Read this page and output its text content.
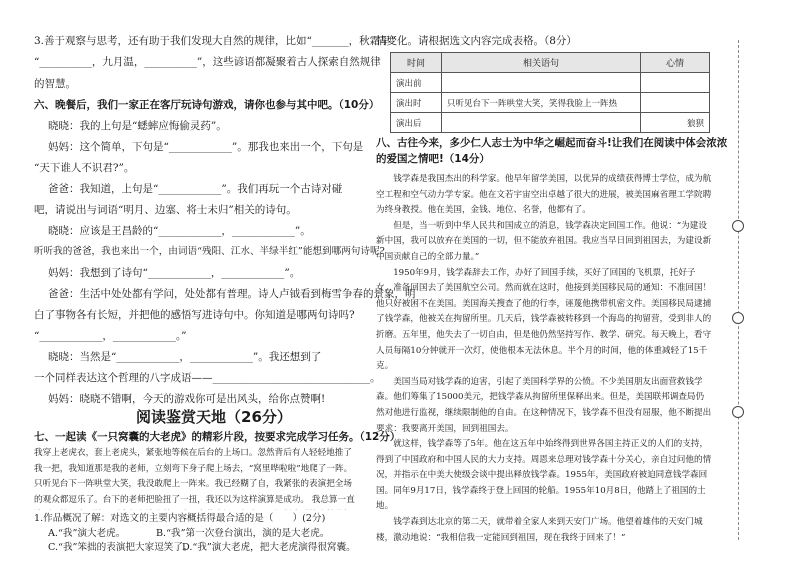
3.善于观察与思考，还有助于我们发现大自然的规律，比如“_______，秋霜早”
“__________，九月温，__________”，这些谚语都凝聚着古人探索自然规律
的智慧。
六、晚餐后，我们一家正在客厅玩诗句游戏，请你也参与其中吧。（10分）
晓晓：我的上句是“蟋蟀应悔偷灵药”。
妈妈：这个简单，下句是“____________”。那我也来出一个，下句是
“天下谁人不识君?”。
爸爸：我知道，上句是“____________”。我们再玩一个古诗对碰
吧，请说出与词语“明月、边塞、将士未归”相关的诗句。
晓晓：应该是王昌龄的“____________，____________”。
听听我的爸爸，我也来出一个，由词语“残阳、江水、半绿半红”能想到哪两句诗呢?
妈妈：我想到了诗句“____________，____________”。
爸爸：生活中处处都有学问，处处都有普理。诗人卢钺看到梅雪争春的景象，明
白了事物各有长短，并把他的感悟写进诗句中。你知道是哪两句诗吗?
“____________，____________。”
晓晓：当然是“____________，____________”。我还想到了
一个同样表达这个哲理的八字成语——______________________________。
妈妈：晓晓不错啊，今天的游戏你可是出风头，给你点赞啊!
阅读鉴赏天地（26分）
七、一起读《一只窝囊的大老虎》的精彩片段，按要求完成学习任务。（12分）
我穿上老虎衣，套上老虎头，紧张地等候在后台的上场口。忽然背后有人轻轻地推了我一把，我知道那是我的老师，立刻弯下身子爬上场去，“窝里哗啦啦”地爬了一阵。只听见台下一阵哄堂大笑，我没敢爬上一阵来。我已经糊了自，我紧张的表演把全场的观众都逗乐了。台下的老师把脸扭了一扭，我还以为这样演算是成功。 我总算一直
1.作品概况了解：对选文的主要内容概括得最合适的是（　　）(2分)
A.“我”演大老虎。	B.“我”第一次登台演出，演的是大老虎。
C.“我”笨拙的表演把大家逗笑了。
D.“我”演大老虎，把大老虎演得很窝囊。
情变化。请根据选文内容完成表格。（8分）
时间	相关语句	心情
演出前		
演出时	只听见台下一阵哄堂大笑，笑得我脸上一阵热	
演出后		狼狈
八、古往今来，多少仁人志士为中华之崛起而奋斗!让我们在阅读中体会浓浓
的爱国之情吧!（14分）
钱学森是我国杰出的科学家。他早年留学美国，以优异的成绩获得博士学位，成为航空工程和空气动力学专家。他在文若宇宙空出卓越了很大的进展，被美国麻省理工学院聘为终身教授。他在美国，金钱、地位、名誉，他都有了。
但是，当一听到中华人民共和国成立的消息，钱学森决定回国工作。他说：“为建设新中国，我可以放弃在美国的一切，但不能放弃祖国。我应当早日回到祖国去，为建设新中国贡献自己的全部力量。”
1950年9月，钱学森辞去工作，办好了回国手续，买好了回国的飞机票，托好子女，准备回国去了美国航空公司。然而就在这时，他接到美国移民局的通知：不准回国！他只好被困不在美国。美国海关搜查了他的行李，诬蔑他携带机密文件。美国移民局逮捕了钱学森，他被关在拘留所里。几天后，钱学森被转移到一个海岛的拘留营，受到非人的折磨。五年里，他失去了一切自由，但是他仍然坚持写作、教学、研究。每天晚上，看守人员每隔10分钟就开一次灯，使他根本无法休息。半个月的时间，他的体重减轻了15千克。
美国当局对钱学森的迫害，引起了美国科学界的公愤。不少美国朋友出面营救钱学森。他们筹集了15000美元，把钱学森从拘留所里保释出来。但是，美国联邦调查局仍然对他进行监视，继续限制他的自由。在这种情况下，钱学森不但没有屈服，他不断提出要求：我要离开美国，回到祖国去。
就这样，钱学森等了5年。他在这五年中始终得到世界各国主持正义的人们的支持，得到了中国政府和中国人民的大力支持。周恩来总理对钱学森十分关心，亲自过问他的情况，并指示在中美大使级会谈中提出释放钱学森。1955年，美国政府被迫同意钱学森回国。同年9月17日，钱学森终于登上回国的轮船。1955年10月8日，他踏上了祖国的土地。
钱学森到达北京的第二天，就带着全家人来到天安门广场。他望着雄伟的天安门城楼，激动地说：“我相信我一定能回到祖国，现在我终于回来了！”
